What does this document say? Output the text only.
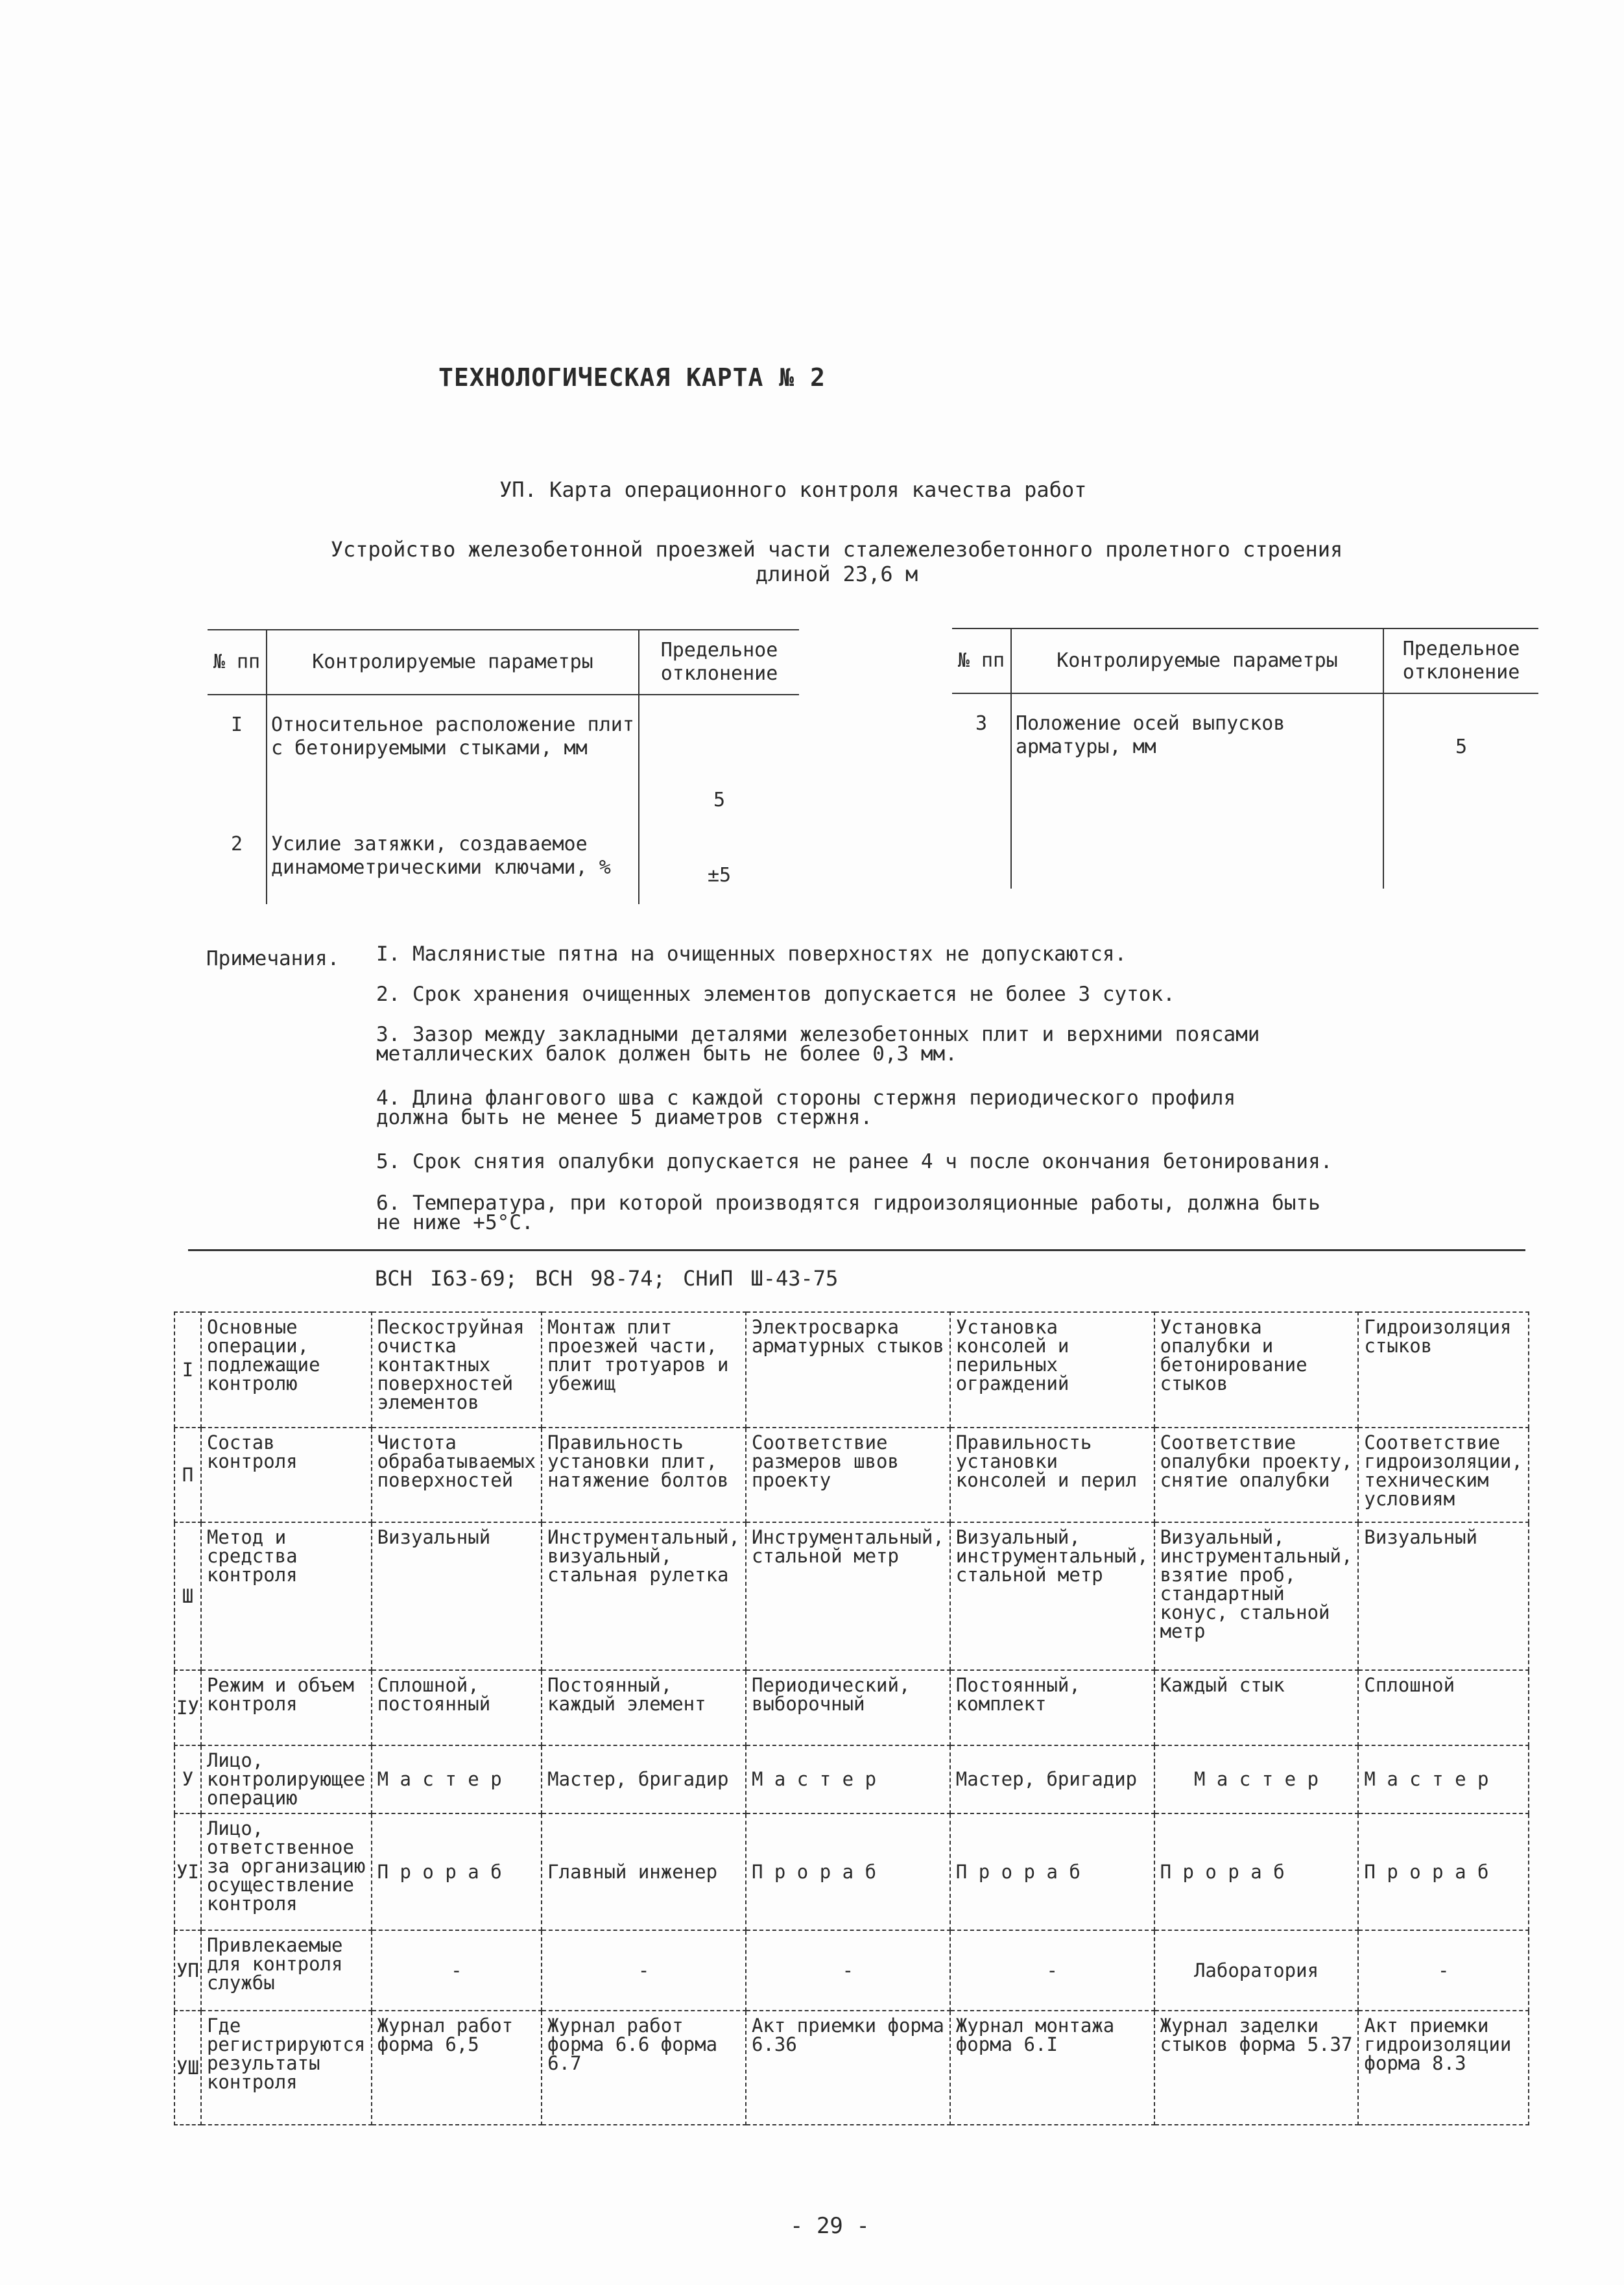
ТЕХНОЛОГИЧЕСКАЯ КАРТА № 2
УП. Карта операционного контроля качества работ
Устройство железобетонной проезжей части сталежелезобетонного пролетного строения
длиной 23,6 м
№ пп	Контролируемые параметры	Предельное отклонение
I	Относительное расположение плит с бетонируемыми стыками, мм	5
2	Усилие затяжки, создаваемое динамометрическими ключами, %	±5
№ пп	Контролируемые параметры	Предельное отклонение
3	Положение осей выпусков арматуры, мм	5
Примечания. I. Маслянистые пятна на очищенных поверхностях не допускаются.
2. Срок хранения очищенных элементов допускается не более 3 суток.
3. Зазор между закладными деталями железобетонных плит и верхними поясами
металлических балок должен быть не более 0,3 мм.
4. Длина флангового шва с каждой стороны стержня периодического профиля
должна быть не менее 5 диаметров стержня.
5. Срок снятия опалубки допускается не ранее 4 ч после окончания бетонирования.
6. Температура, при которой производятся гидроизоляционные работы, должна быть
не ниже +5°С.
ВСН I63-69; ВСН 98-74; СНиП Ш-43-75
I	Основные операции, подлежащие контролю	Пескоструйная очистка контактных поверхностей элементов	Монтаж плит проезжей части, плит тротуаров и убежищ	Электросварка арматурных стыков	Установка консолей и перильных ограждений	Установка опалубки и бетонирование стыков	Гидроизоляция стыков
П	Состав контроля	Чистота обрабатываемых поверхностей	Правильность установки плит, натяжение болтов	Соответствие размеров швов проекту	Правильность установки консолей и перил	Соответствие опалубки проекту, снятие опалубки	Соответствие гидроизоляции, техническим условиям
Ш	Метод и средства контроля	Визуальный	Инструментальный, визуальный, стальная рулетка	Инструментальный, стальной метр	Визуальный, инструментальный, стальной метр	Визуальный, инструментальный, взятие проб, стандартный конус, стальной метр	Визуальный
IУ	Режим и объем контроля	Сплошной, постоянный	Постоянный, каждый элемент	Периодический, выборочный	Постоянный, комплект	Каждый стык	Сплошной
У	Лицо, контролирующее операцию	М а с т е р	Мастер, бригадир	М а с т е р	Мастер, бригадир	М а с т е р	М а с т е р
УI	Лицо, ответственное за организацию осуществление контроля	П р о р а б	Главный инженер	П р о р а б	П р о р а б	П р о р а б	П р о р а б
УП	Привлекаемые для контроля службы	-	-	-	-	Лаборатория	-
УШ	Где регистрируются результаты контроля	Журнал работ форма 6,5	Журнал работ форма 6.6 форма 6.7	Акт приемки форма 6.36	Журнал монтажа форма 6.I	Журнал заделки стыков форма 5.37	Акт приемки гидроизоляции форма 8.3
- 29 -
